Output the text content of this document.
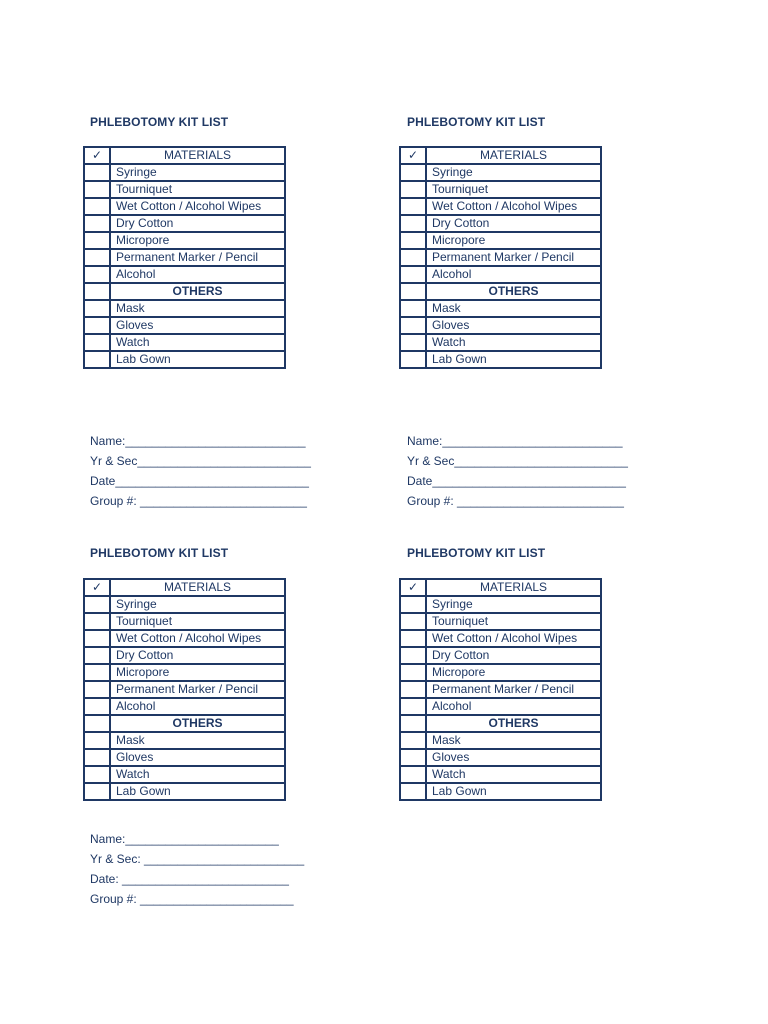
PHLEBOTOMY KIT LIST
✓	MATERIALS
	Syringe
	Tourniquet
	Wet Cotton / Alcohol Wipes
	Dry Cotton
	Micropore
	Permanent Marker / Pencil
	Alcohol
	OTHERS
	Mask
	Gloves
	Watch
	Lab Gown
Name:___________________________
Yr & Sec__________________________
Date_____________________________
Group #: _________________________
PHLEBOTOMY KIT LIST
✓	MATERIALS
	Syringe
	Tourniquet
	Wet Cotton / Alcohol Wipes
	Dry Cotton
	Micropore
	Permanent Marker / Pencil
	Alcohol
	OTHERS
	Mask
	Gloves
	Watch
	Lab Gown
Name:___________________________
Yr & Sec__________________________
Date_____________________________
Group #: _________________________
PHLEBOTOMY KIT LIST
✓	MATERIALS
	Syringe
	Tourniquet
	Wet Cotton / Alcohol Wipes
	Dry Cotton
	Micropore
	Permanent Marker / Pencil
	Alcohol
	OTHERS
	Mask
	Gloves
	Watch
	Lab Gown
Name:_______________________
Yr & Sec: ________________________
Date: _________________________
Group #: _______________________
PHLEBOTOMY KIT LIST
✓	MATERIALS
	Syringe
	Tourniquet
	Wet Cotton / Alcohol Wipes
	Dry Cotton
	Micropore
	Permanent Marker / Pencil
	Alcohol
	OTHERS
	Mask
	Gloves
	Watch
	Lab Gown
